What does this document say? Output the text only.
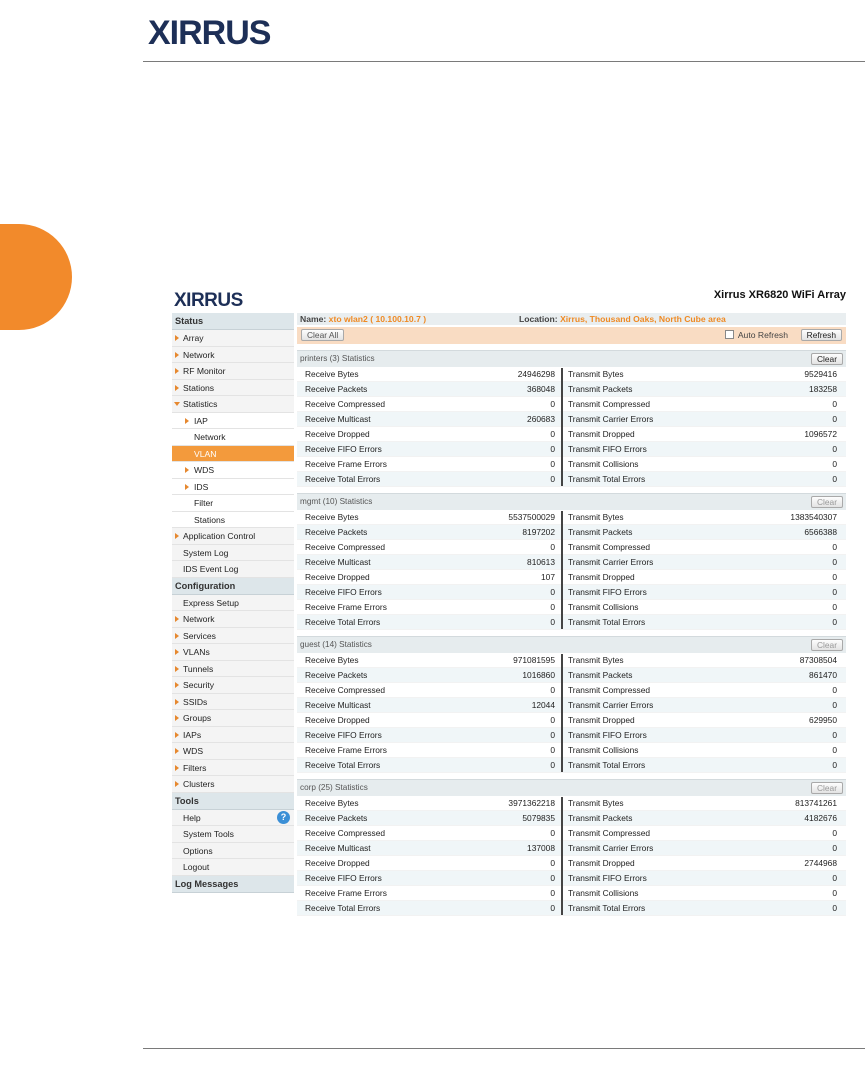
XIRRUS
XIRRUS	Xirrus XR6820 WiFi Array
Status
Array
Network
RF Monitor
Stations
Statistics
IAP
Network
VLAN
WDS
IDS
Filter
Stations
Application Control
System Log
IDS Event Log
Configuration
Express Setup
Network
Services
VLANs
Tunnels
Security
SSIDs
Groups
IAPs
WDS
Filters
Clusters
Tools
Help	?
System Tools
Options
Logout
Log Messages
Name: xto wlan2 ( 10.100.10.7 )	Location: Xirrus, Thousand Oaks, North Cube area
Clear All	Auto Refresh	Refresh
printers (3) Statistics	Clear
Receive Bytes	24946298 Transmit Bytes	9529416
Receive Packets	368048 Transmit Packets	183258
Receive Compressed	0 Transmit Compressed	0
Receive Multicast	260683 Transmit Carrier Errors	0
Receive Dropped	0 Transmit Dropped	1096572
Receive FIFO Errors	0 Transmit FIFO Errors	0
Receive Frame Errors	0 Transmit Collisions	0
Receive Total Errors	0 Transmit Total Errors	0
mgmt (10) Statistics	Clear
Receive Bytes	5537500029 Transmit Bytes	1383540307
Receive Packets	8197202 Transmit Packets	6566388
Receive Compressed	0 Transmit Compressed	0
Receive Multicast	810613 Transmit Carrier Errors	0
Receive Dropped	107 Transmit Dropped	0
Receive FIFO Errors	0 Transmit FIFO Errors	0
Receive Frame Errors	0 Transmit Collisions	0
Receive Total Errors	0 Transmit Total Errors	0
guest (14) Statistics	Clear
Receive Bytes	971081595 Transmit Bytes	87308504
Receive Packets	1016860 Transmit Packets	861470
Receive Compressed	0 Transmit Compressed	0
Receive Multicast	12044 Transmit Carrier Errors	0
Receive Dropped	0 Transmit Dropped	629950
Receive FIFO Errors	0 Transmit FIFO Errors	0
Receive Frame Errors	0 Transmit Collisions	0
Receive Total Errors	0 Transmit Total Errors	0
corp (25) Statistics	Clear
Receive Bytes	3971362218 Transmit Bytes	813741261
Receive Packets	5079835 Transmit Packets	4182676
Receive Compressed	0 Transmit Compressed	0
Receive Multicast	137008 Transmit Carrier Errors	0
Receive Dropped	0 Transmit Dropped	2744968
Receive FIFO Errors	0 Transmit FIFO Errors	0
Receive Frame Errors	0 Transmit Collisions	0
Receive Total Errors	0 Transmit Total Errors	0
